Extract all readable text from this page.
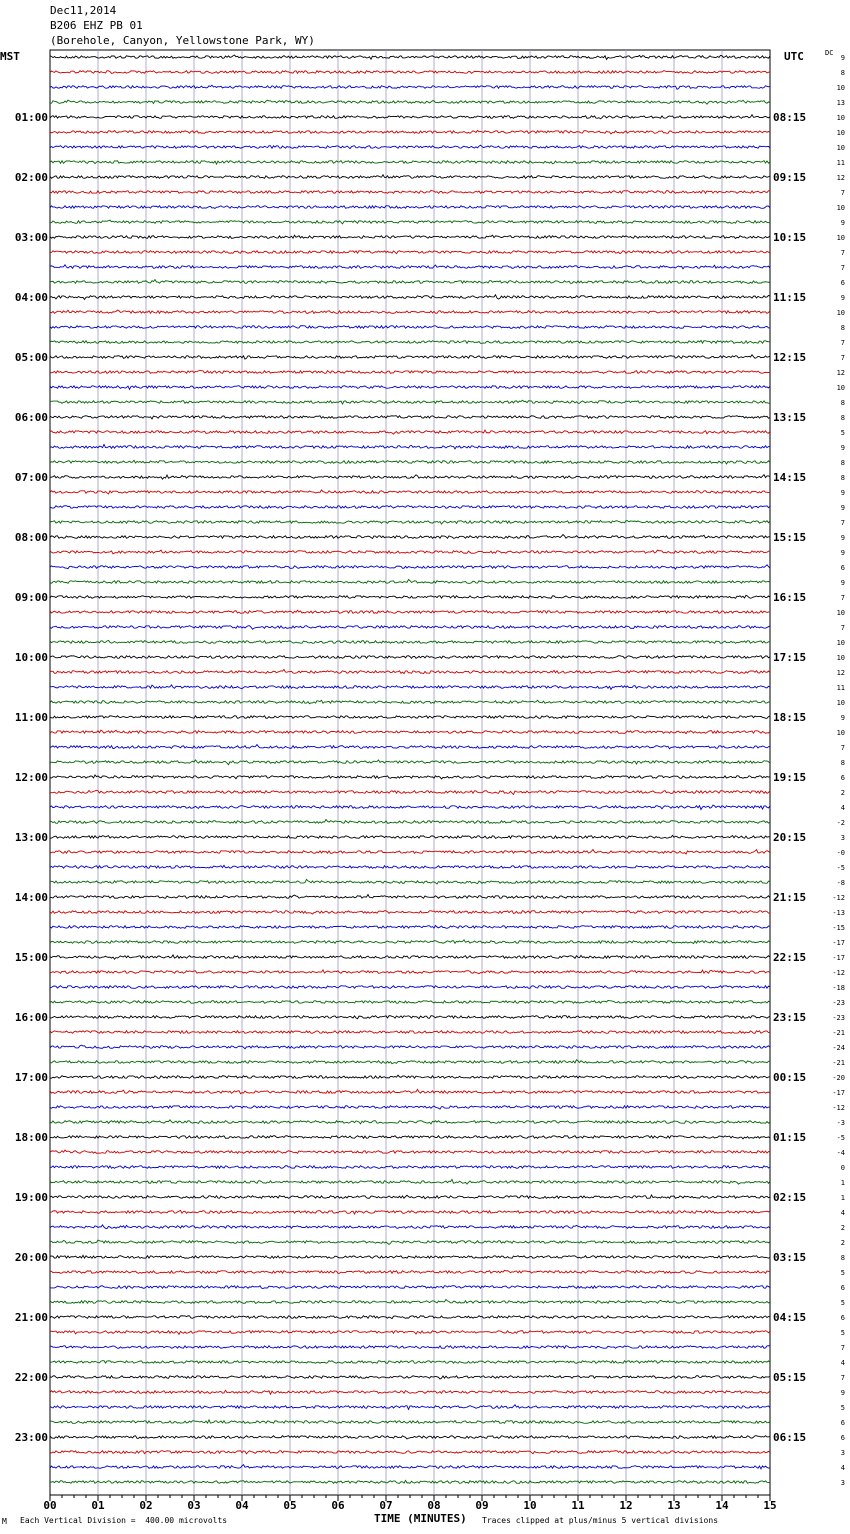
Dec11,2014
B206 EHZ PB 01
(Borehole, Canyon, Yellowstone Park, WY)
MST	UTC	DC
01:00
02:00
03:00
04:00
05:00
06:00
07:00
08:00
09:00
10:00
11:00
12:00
13:00
14:00
15:00
16:00
17:00
18:00
19:00
20:00
21:00
22:00
23:00
08:15
09:15
10:15
11:15
12:15
13:15
14:15
15:15
16:15
17:15
18:15
19:15
20:15
21:15
22:15
23:15
00:15
01:15
02:15
03:15
04:15
05:15
06:15
9
8
10
13
10
10
10
11
12
7
10
9
10
7
7
6
9
10
8
7
7
12
10
8
8
5
9
8
8
9
9
7
9
9
6
9
7
10
7
10
10
12
11
10
9
10
7
8
6
2
4
-2
3
-0
-5
-8
-12
-13
-15
-17
-17
-12
-18
-23
-23
-21
-24
-21
-20
-17
-12
-3
-5
-4
0
1
1
4
2
2
8
5
6
5
6
5
7
4
7
9
5
6
6
3
4
3
00	01	02	03	04	05	06	07	08	09	10	11	12	13	14	15
M Each Vertical Division =  400.00 microvolts	TIME (MINUTES) Traces clipped at plus/minus 5 vertical divisions
